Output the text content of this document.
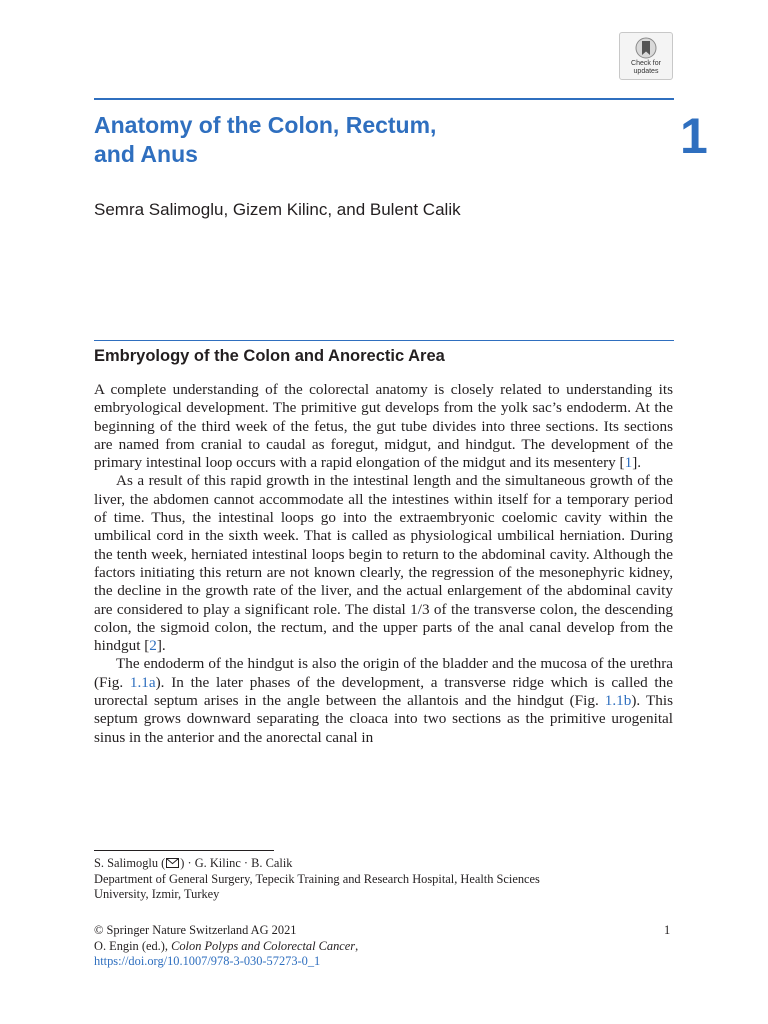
Check for
updates
Anatomy of the Colon, Rectum,
and Anus	1
Semra Salimoglu, Gizem Kilinc, and Bulent Calik
Embryology of the Colon and Anorectic Area

A complete understanding of the colorectal anatomy is closely related to understanding its embryological development. The primitive gut develops from the yolk sac’s endoderm. At the beginning of the third week of the fetus, the gut tube divides into three sections. Its sections are named from cranial to caudal as foregut, midgut, and hindgut. The development of the primary intestinal loop occurs with a rapid elongation of the midgut and its mesentery [1].

As a result of this rapid growth in the intestinal length and the simultaneous growth of the liver, the abdomen cannot accommodate all the intestines within itself for a temporary period of time. Thus, the intestinal loops go into the extraembryonic coelomic cavity within the umbilical cord in the sixth week. That is called as physiological umbilical herniation. During the tenth week, herniated intestinal loops begin to return to the abdominal cavity. Although the factors initiating this return are not known clearly, the regression of the mesonephyric kidney, the decline in the growth rate of the liver, and the actual enlargement of the abdominal cavity are considered to play a significant role. The distal 1/3 of the transverse colon, the descending colon, the sigmoid colon, the rectum, and the upper parts of the anal canal develop from the hindgut [2].

The endoderm of the hindgut is also the origin of the bladder and the mucosa of the urethra (Fig. 1.1a). In the later phases of the development, a transverse ridge which is called the urorectal septum arises in the angle between the allantois and the hindgut (Fig. 1.1b). This septum grows downward separating the cloaca into two sections as the primitive urogenital sinus in the anterior and the anorectal canal in

S. Salimoglu ( ) · G. Kilinc · B. Calik
Department of General Surgery, Tepecik Training and Research Hospital, Health Sciences
University, Izmir, Turkey
© Springer Nature Switzerland AG 2021
O. Engin (ed.), Colon Polyps and Colorectal Cancer,
https://doi.org/10.1007/978-3-030-57273-0_1
1
